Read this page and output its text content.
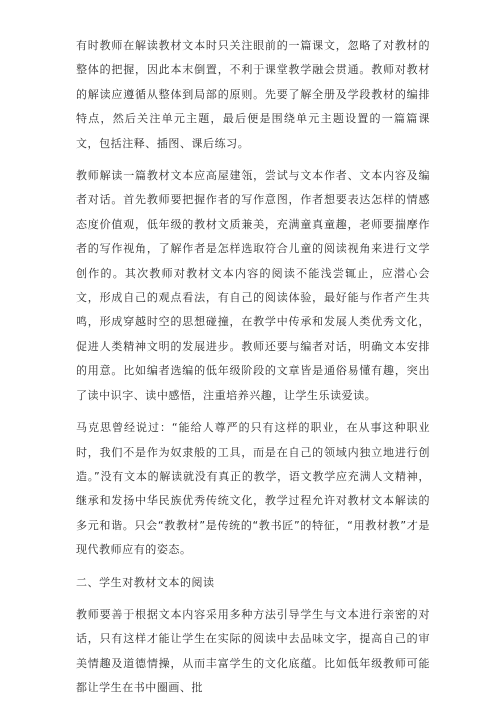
有时教师在解读教材文本时只关注眼前的一篇课文，忽略了对教材的整体的把握，因此本末倒置，不利于课堂教学融会贯通。教师对教材的解读应遵循从整体到局部的原则。先要了解全册及学段教材的编排特点，然后关注单元主题，最后便是围绕单元主题设置的一篇篇课文，包括注释、插图、课后练习。

教师解读一篇教材文本应高屋建瓴，尝试与文本作者、文本内容及编者对话。首先教师要把握作者的写作意图，作者想要表达怎样的情感态度价值观，低年级的教材文质兼美，充满童真童趣，老师要揣摩作者的写作视角，了解作者是怎样选取符合儿童的阅读视角来进行文学创作的。其次教师对教材文本内容的阅读不能浅尝辄止，应潜心会文，形成自己的观点看法，有自己的阅读体验，最好能与作者产生共鸣，形成穿越时空的思想碰撞，在教学中传承和发展人类优秀文化，促进人类精神文明的发展进步。教师还要与编者对话，明确文本安排的用意。比如编者选编的低年级阶段的文章皆是通俗易懂有趣，突出了读中识字、读中感悟，注重培养兴趣，让学生乐读爱读。

马克思曾经说过：“能给人尊严的只有这样的职业，在从事这种职业时，我们不是作为奴隶般的工具，而是在自己的领域内独立地进行创造。”没有文本的解读就没有真正的教学，语文教学应充满人文精神，继承和发扬中华民族优秀传统文化，教学过程允许对教材文本解读的多元和谐。只会“教教材”是传统的“教书匠”的特征，“用教材教”才是现代教师应有的姿态。

二、学生对教材文本的阅读

教师要善于根据文本内容采用多种方法引导学生与文本进行亲密的对话，只有这样才能让学生在实际的阅读中去品味文字，提高自己的审美情趣及道德情操，从而丰富学生的文化底蕴。比如低年级教师可能都让学生在书中圈画、批
